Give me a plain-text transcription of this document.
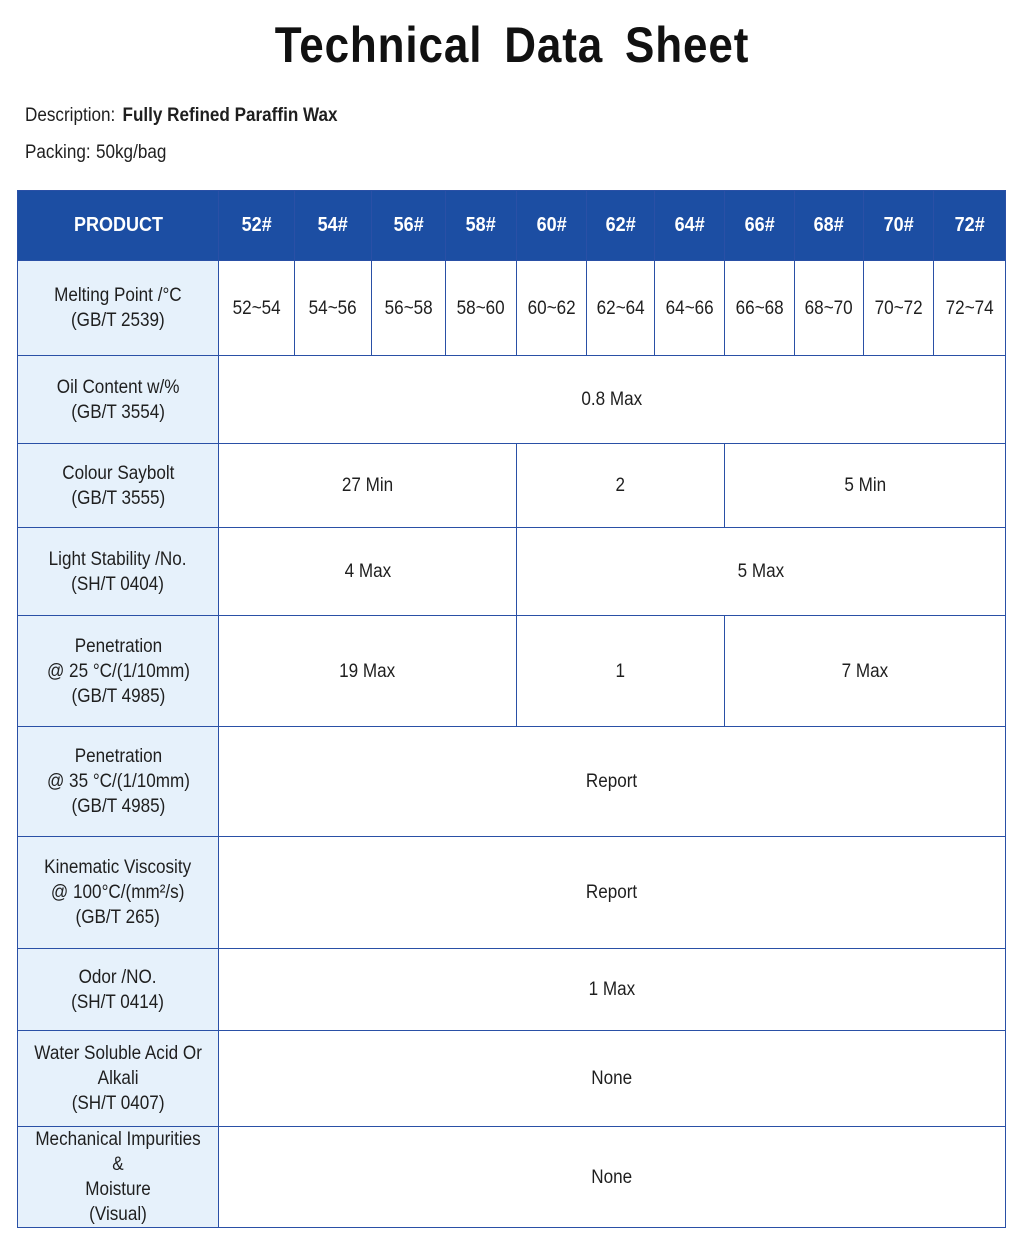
Technical Data Sheet
Description: Fully Refined Paraffin Wax
Packing: 50kg/bag
PRODUCT	52#	54#	56#	58#	60#	62#	64#	66#	68#	70#	72#

Melting Point /°C
(GB/T 2539)	52~54	54~56	56~58	58~60	60~62	62~64	64~66	66~68	68~70	70~72	72~74

Oil Content w/%
(GB/T 3554)	0.8 Max										

Colour Saybolt
(GB/T 3555)	27 Min				2			5 Min			

Light Stability /No.
(SH/T 0404)	4 Max				5 Max						

Penetration
@ 25 °C/(1/10mm)
(GB/T 4985)	19 Max				1			7 Max			

Penetration
@ 35 °C/(1/10mm)
(GB/T 4985)	Report										

Kinematic Viscosity
@ 100°C/(mm²/s)
(GB/T 265)	Report										

Odor /NO.
(SH/T 0414)	1 Max										

Water Soluble Acid Or
Alkali
(SH/T 0407)	None										

Mechanical Impurities &
Moisture
(Visual)	None										
